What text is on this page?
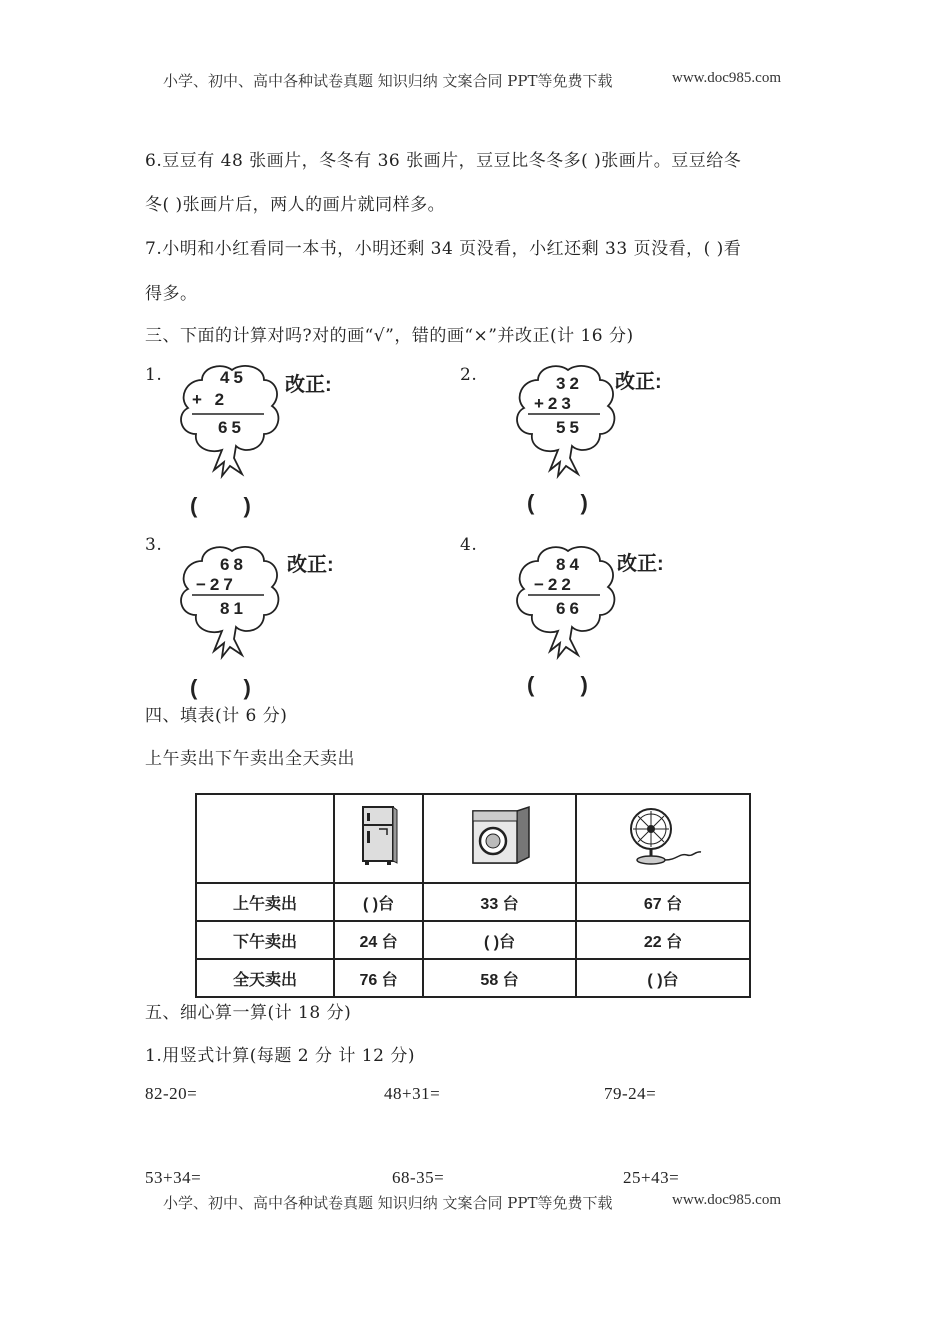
小学、初中、高中各种试卷真题 知识归纳 文案合同 PPT等免费下载	www.doc985.com
6.豆豆有 48 张画片，冬冬有 36 张画片，豆豆比冬冬多( )张画片。豆豆给冬
冬( )张画片后，两人的画片就同样多。
7.小明和小红看同一本书，小明还剩 34 页没看，小红还剩 33 页没看，( )看
得多。
三、下面的计算对吗?对的画“√”，错的画“×”并改正(计 16 分)
1.	45
+ 2
65
改正:
( )
2.	32
+23
55
改正:
( )
3.
68
−27
81
改正:
( )
4.
84
−22
66
改正:
( )
四、填表(计 6 分)
上午卖出下午卖出全天卖出

上午卖出	( )台	33 台	67 台
下午卖出	24 台	( )台	22 台
全天卖出	76 台	58 台	( )台
五、细心算一算(计 18 分)
1.用竖式计算(每题 2 分 计 12 分)
82-20=	48+31=	79-24=
53+34=	68-35=	25+43=
小学、初中、高中各种试卷真题 知识归纳 文案合同 PPT等免费下载	www.doc985.com
